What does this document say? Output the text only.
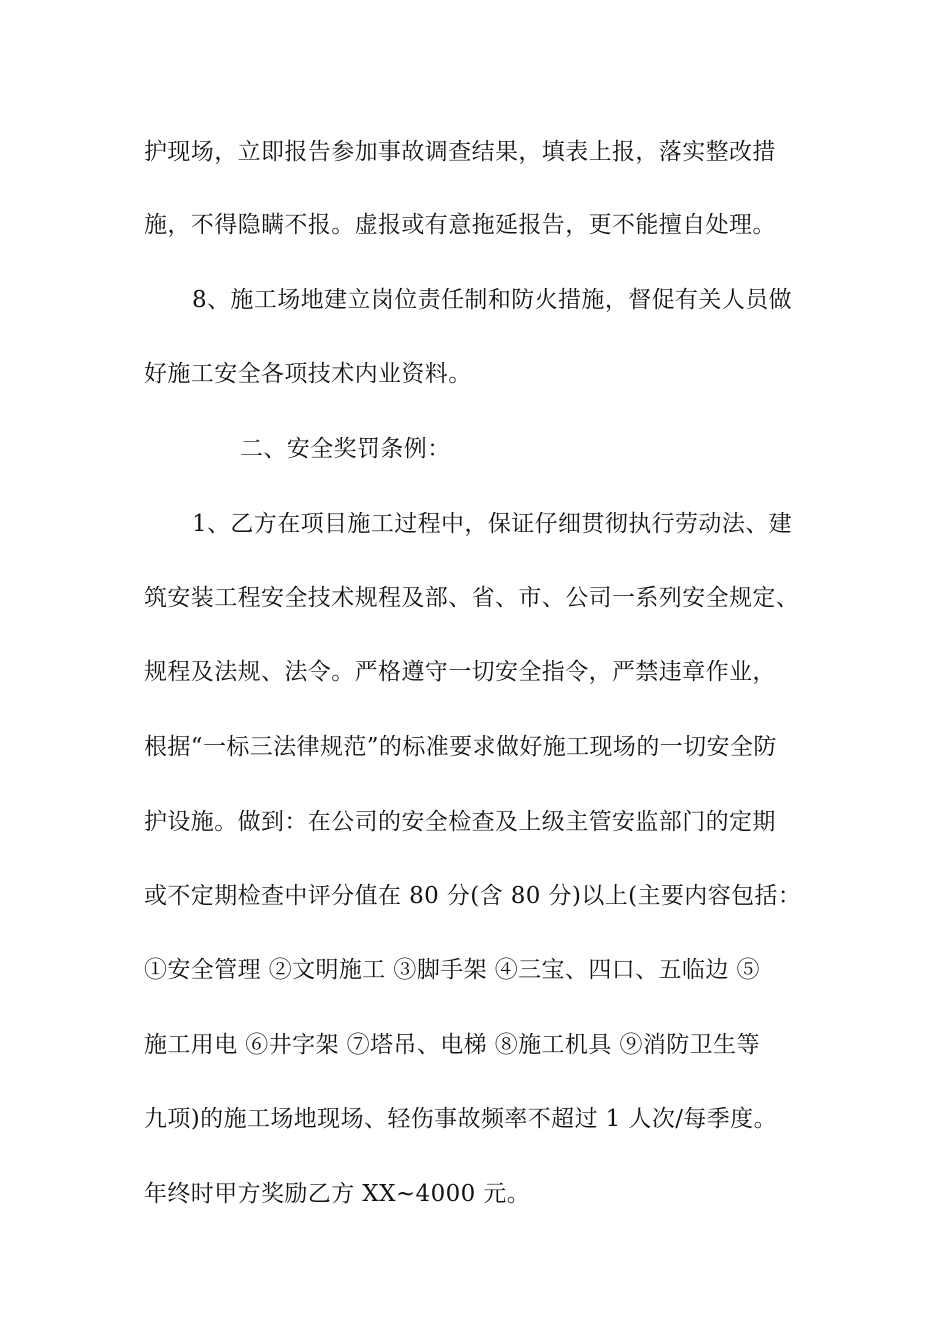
护现场，立即报告参加事故调查结果，填表上报，落实整改措
施，不得隐瞒不报。虚报或有意拖延报告，更不能擅自处理。
8、施工场地建立岗位责任制和防火措施，督促有关人员做
好施工安全各项技术内业资料。
二、安全奖罚条例：
1、乙方在项目施工过程中，保证仔细贯彻执行劳动法、建
筑安装工程安全技术规程及部、省、市、公司一系列安全规定、
规程及法规、法令。严格遵守一切安全指令，严禁违章作业，
根据“一标三法律规范”的标准要求做好施工现场的一切安全防
护设施。做到：在公司的安全检查及上级主管安监部门的定期
或不定期检查中评分值在 80 分(含 80 分)以上(主要内容包括：
①安全管理 ②文明施工 ③脚手架 ④三宝、四口、五临边 ⑤
施工用电 ⑥井字架 ⑦塔吊、电梯 ⑧施工机具 ⑨消防卫生等
九项)的施工场地现场、轻伤事故频率不超过 1 人次/每季度。
年终时甲方奖励乙方 XX~4000 元。
